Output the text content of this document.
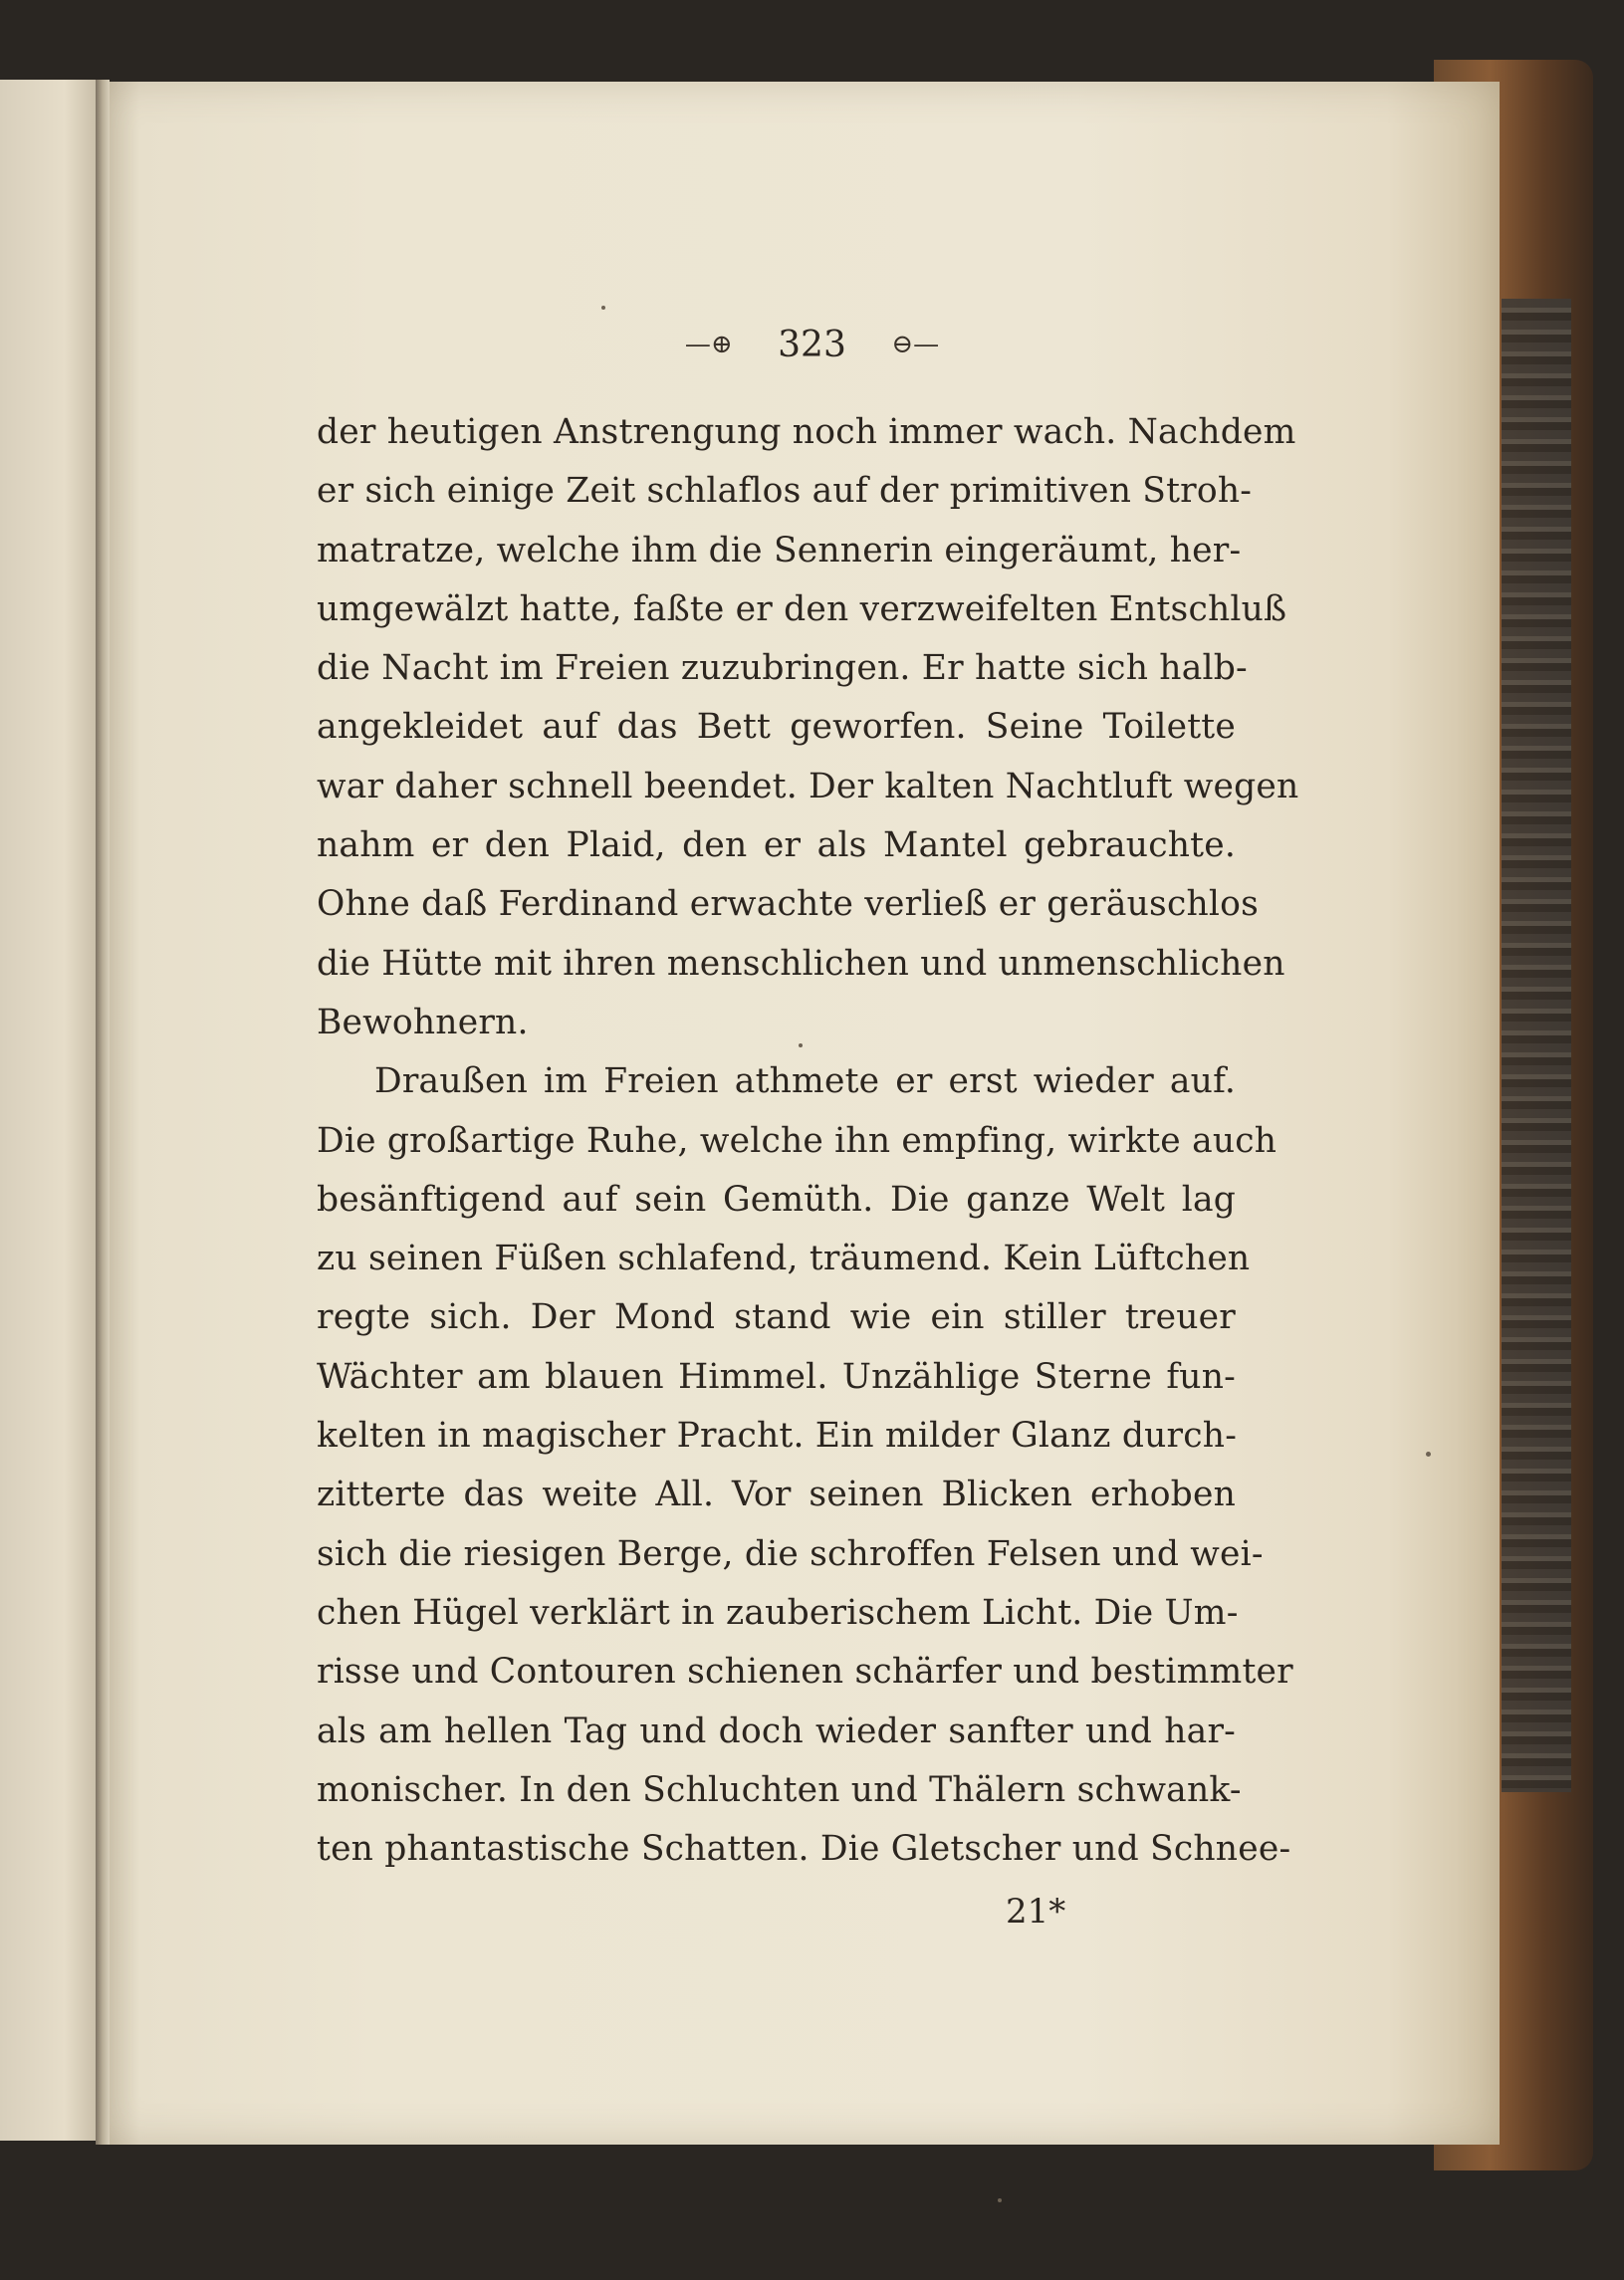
—⊕ 323 ⊖—
der heutigen Anstrengung noch immer wach. Nachdem
er sich einige Zeit schlaflos auf der primitiven Stroh-
matratze, welche ihm die Sennerin eingeräumt, her-
umgewälzt hatte, faßte er den verzweifelten Entschluß
die Nacht im Freien zuzubringen. Er hatte sich halb-
angekleidet auf das Bett geworfen. Seine Toilette
war daher schnell beendet. Der kalten Nachtluft wegen
nahm er den Plaid, den er als Mantel gebrauchte.
Ohne daß Ferdinand erwachte verließ er geräuschlos
die Hütte mit ihren menschlichen und unmenschlichen
Bewohnern.
Draußen im Freien athmete er erst wieder auf.
Die großartige Ruhe, welche ihn empfing, wirkte auch
besänftigend auf sein Gemüth. Die ganze Welt lag
zu seinen Füßen schlafend, träumend. Kein Lüftchen
regte sich. Der Mond stand wie ein stiller treuer
Wächter am blauen Himmel. Unzählige Sterne fun-
kelten in magischer Pracht. Ein milder Glanz durch-
zitterte das weite All. Vor seinen Blicken erhoben
sich die riesigen Berge, die schroffen Felsen und wei-
chen Hügel verklärt in zauberischem Licht. Die Um-
risse und Contouren schienen schärfer und bestimmter
als am hellen Tag und doch wieder sanfter und har-
monischer. In den Schluchten und Thälern schwank-
ten phantastische Schatten. Die Gletscher und Schnee-
21*
